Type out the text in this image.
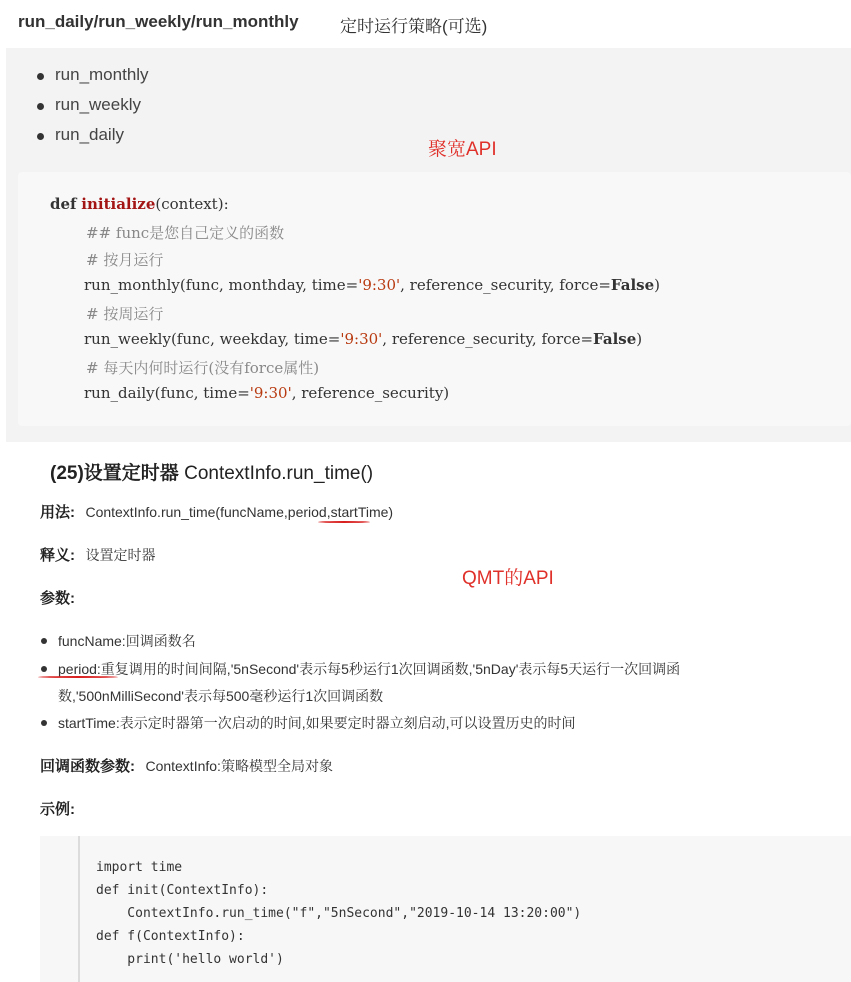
run_daily/run_weekly/run_monthly 定时运行策略(可选)
run_monthly
run_weekly
run_daily
聚宽API
def initialize(context):
## func是您自己定义的函数
# 按月运行
run_monthly(func, monthday, time='9:30', reference_security, force=False)
# 按周运行
run_weekly(func, weekday, time='9:30', reference_security, force=False)
# 每天内何时运行(没有force属性)
run_daily(func, time='9:30', reference_security)
(25)设置定时器 ContextInfo.run_time()
用法: ContextInfo.run_time(funcName,period,startTime)
释义: 设置定时器
QMT的API
参数:
funcName:回调函数名
period:重复调用的时间间隔,'5nSecond'表示每5秒运行1次回调函数,'5nDay'表示每5天运行一次回调函
数,'500nMilliSecond'表示每500毫秒运行1次回调函数
startTime:表示定时器第一次启动的时间,如果要定时器立刻启动,可以设置历史的时间
回调函数参数: ContextInfo:策略模型全局对象
示例:
import time
def init(ContextInfo):
ContextInfo.run_time("f","5nSecond","2019-10-14 13:20:00")
def f(ContextInfo):
print('hello world')
